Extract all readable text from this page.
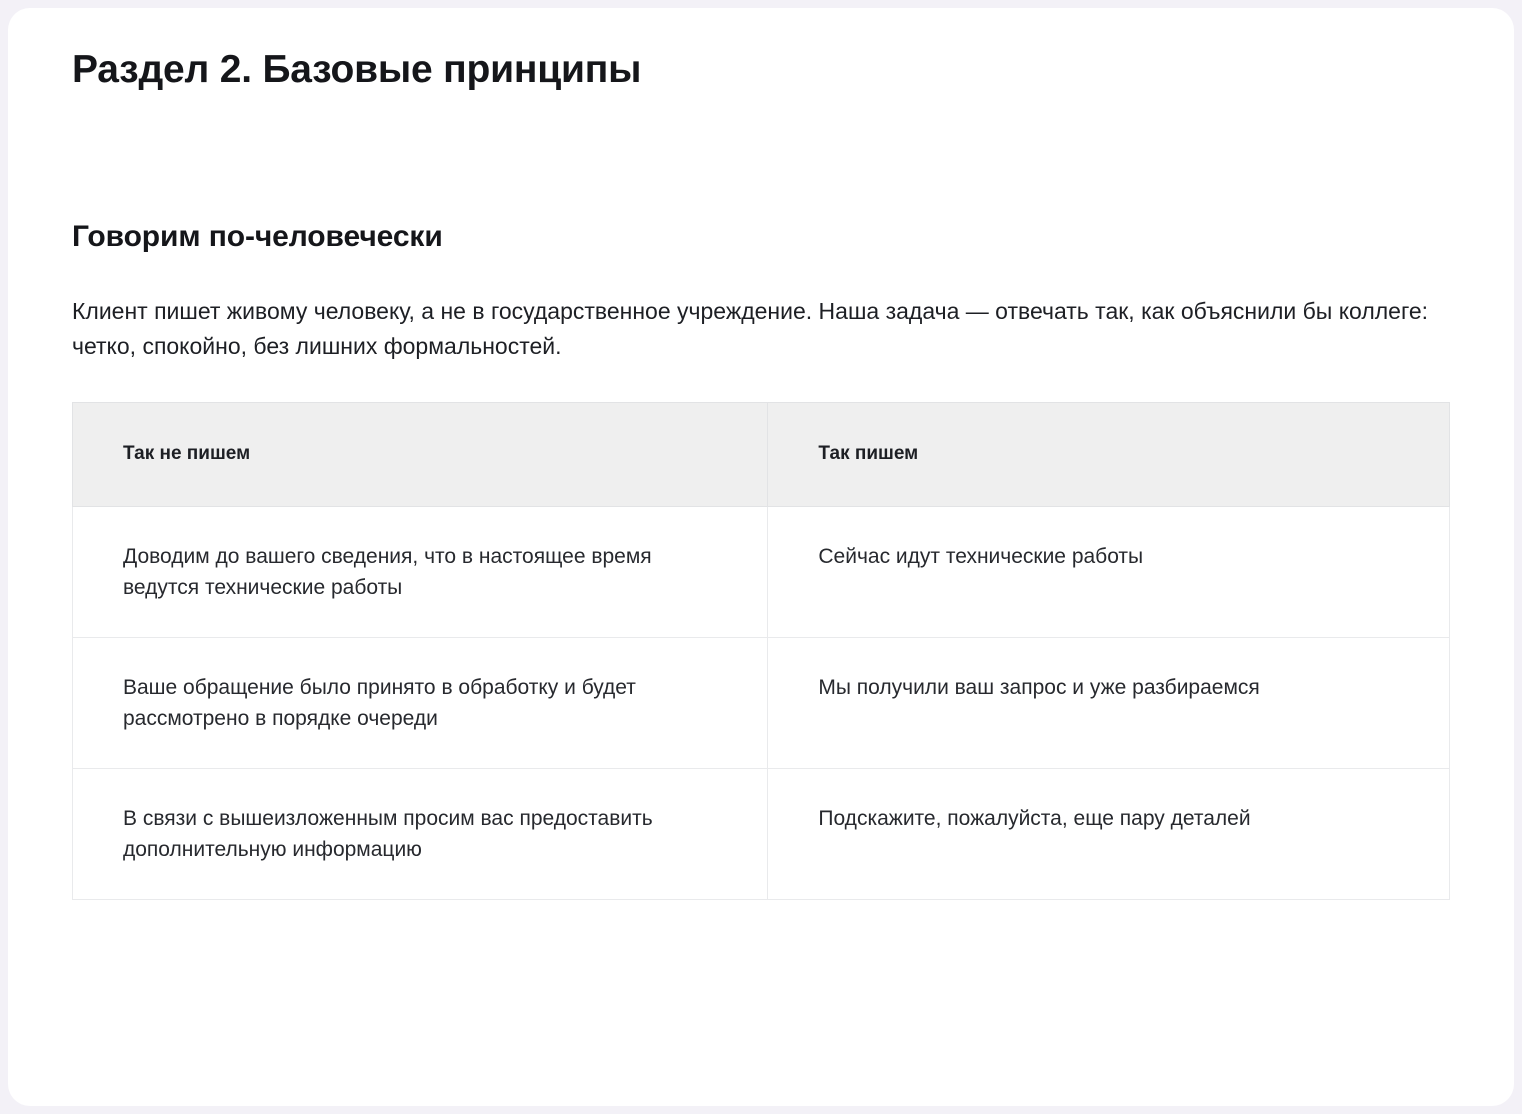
Раздел 2. Базовые принципы
Говорим по-человечески

Клиент пишет живому человеку, а не в государственное учреждение. Наша задача — отвечать так, как объяснили бы коллеге: четко, спокойно, без лишних формальностей.

Так не пишем	Так пишем
Доводим до вашего сведения, что в настоящее время ведутся технические работы	Сейчас идут технические работы
Ваше обращение было принято в обработку и будет рассмотрено в порядке очереди	Мы получили ваш запрос и уже разбираемся
В связи с вышеизложенным просим вас предоставить дополнительную информацию	Подскажите, пожалуйста, еще пару деталей
